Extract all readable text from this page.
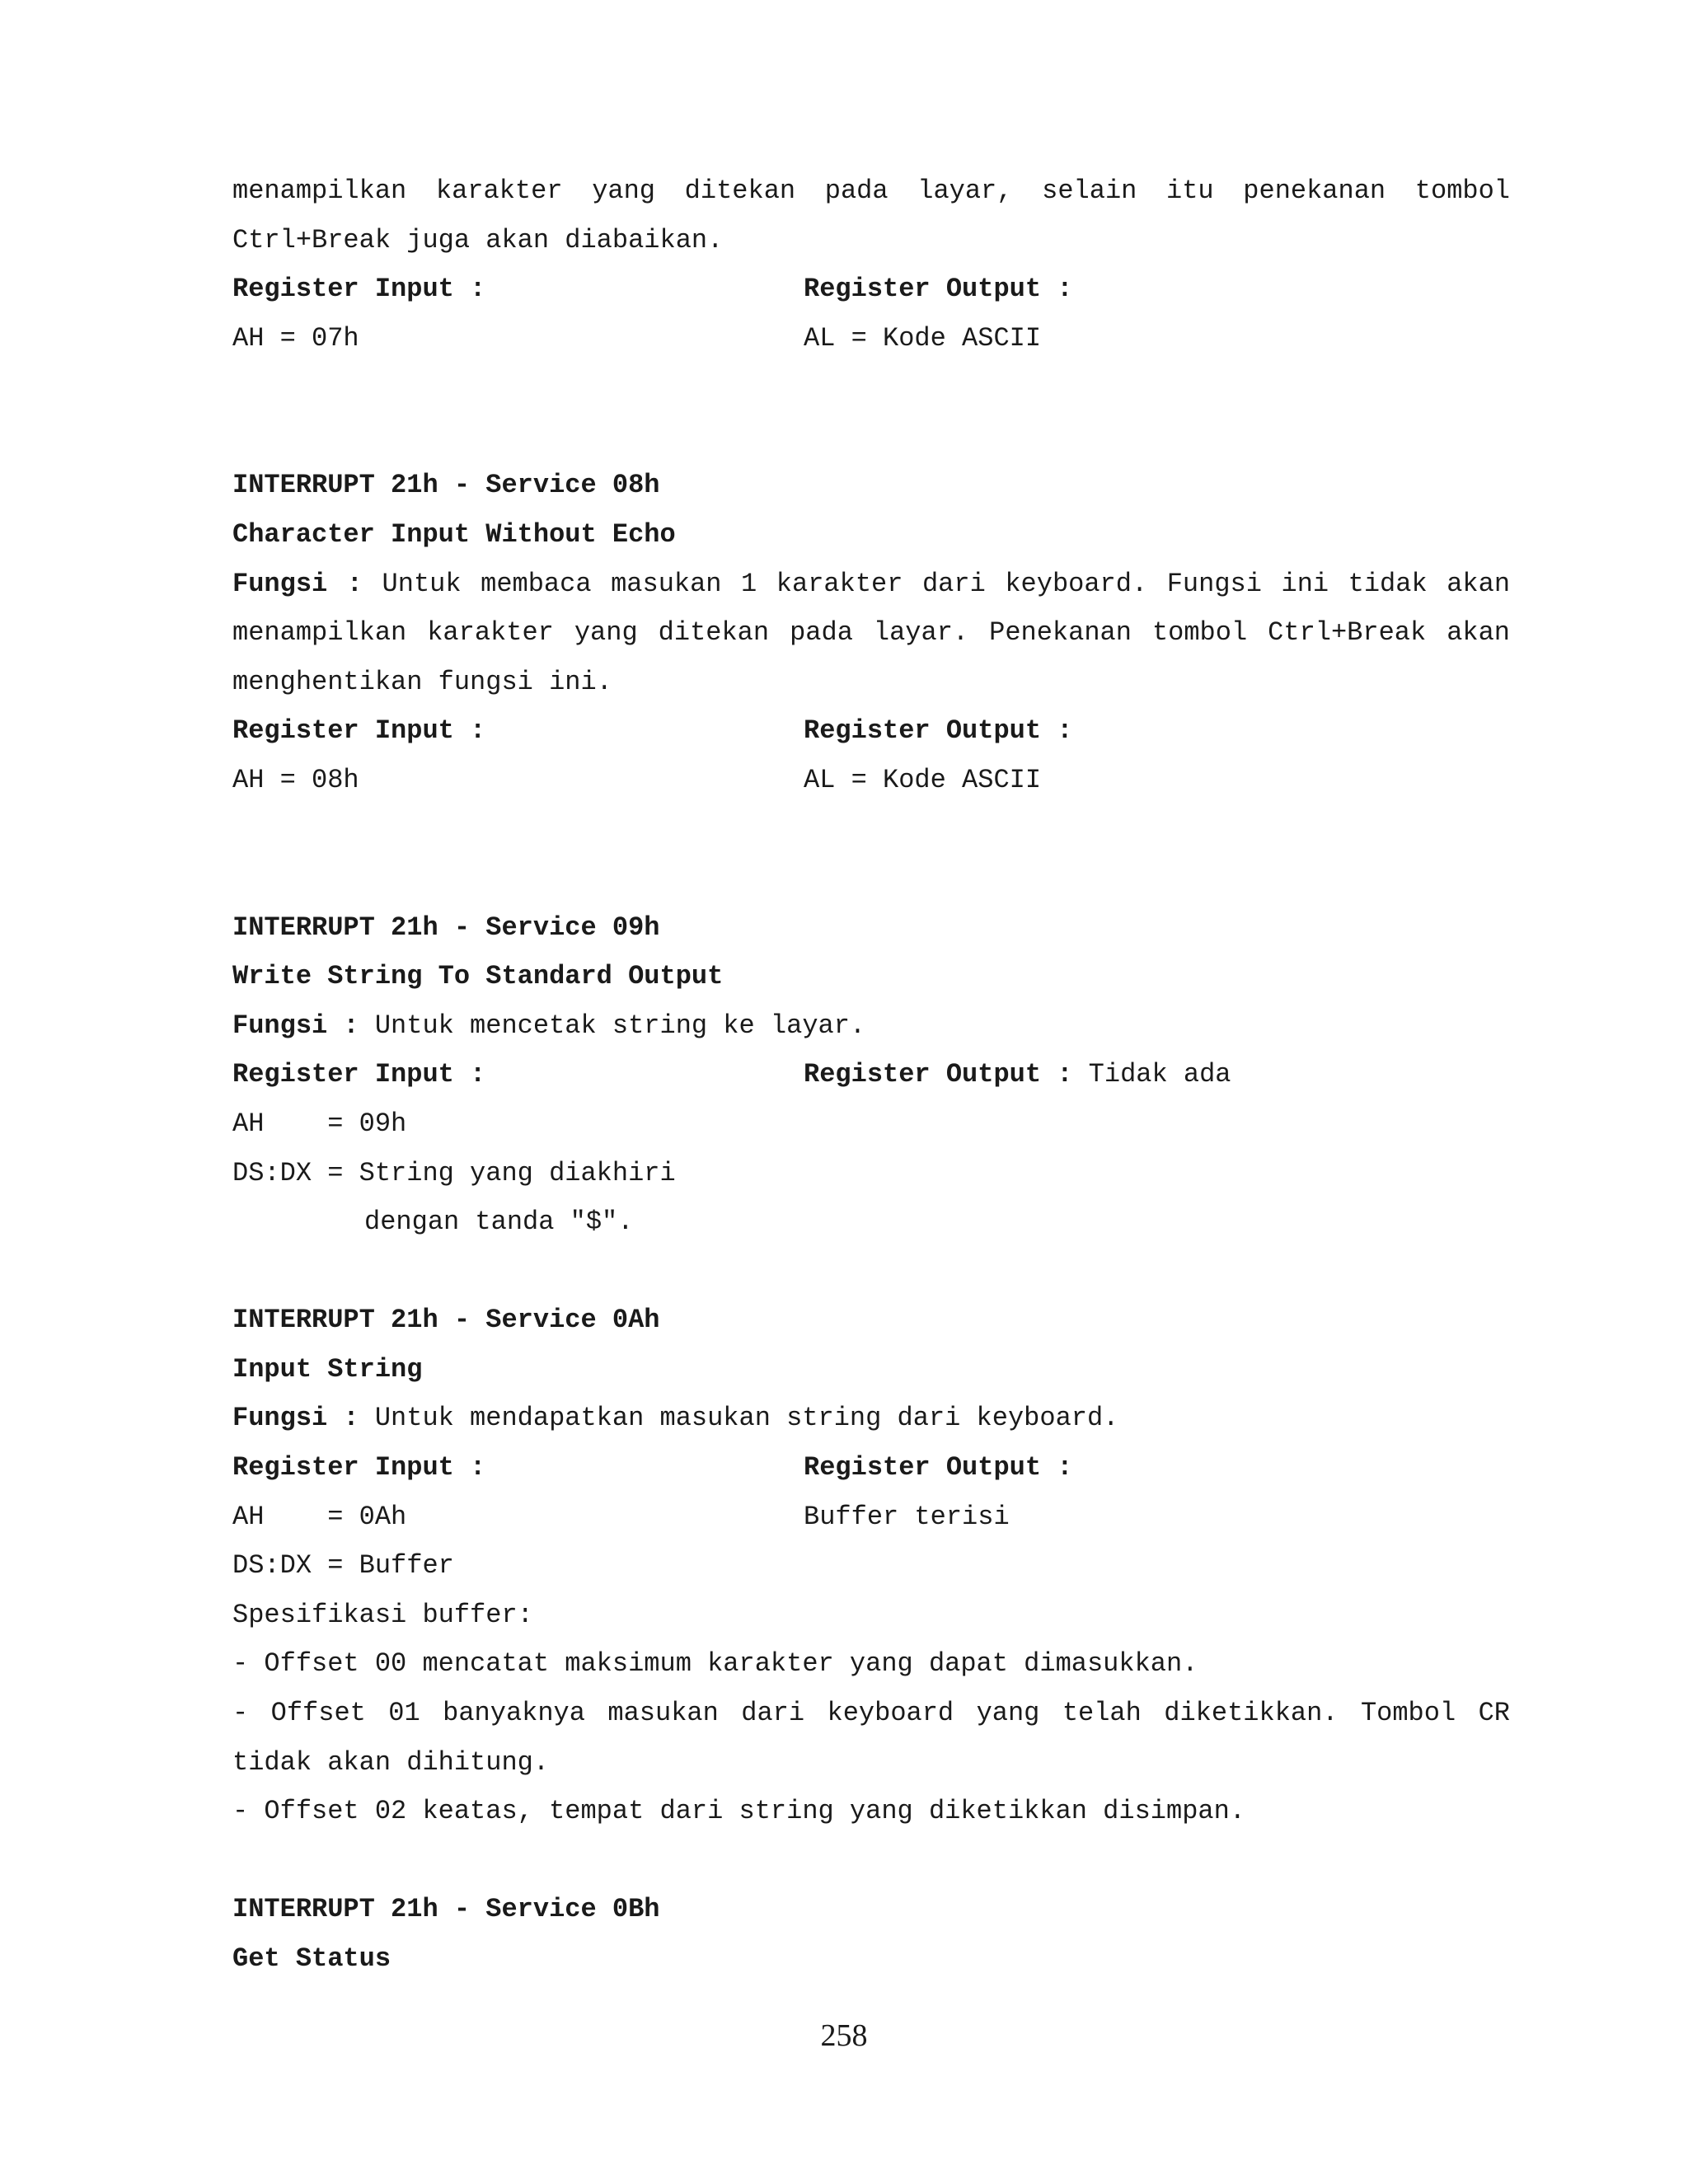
menampilkan karakter yang ditekan pada layar, selain itu penekanan tombol
Ctrl+Break juga akan diabaikan.
Register Input :	Register Output :
AH = 07h	AL = Kode ASCII
INTERRUPT 21h - Service 08h
Character Input Without Echo
Fungsi : Untuk membaca masukan 1 karakter dari keyboard. Fungsi ini tidak akan
menampilkan karakter yang ditekan pada layar. Penekanan tombol Ctrl+Break akan
menghentikan fungsi ini.
Register Input :	Register Output :
AH = 08h	AL = Kode ASCII
INTERRUPT 21h - Service 09h
Write String To Standard Output
Fungsi : Untuk mencetak string ke layar.
Register Input :	Register Output : Tidak ada
AH    = 09h
DS:DX = String yang diakhiri
dengan tanda "$".
INTERRUPT 21h - Service 0Ah
Input String
Fungsi : Untuk mendapatkan masukan string dari keyboard.
Register Input :	Register Output :
AH    = 0Ah	Buffer terisi
DS:DX = Buffer
Spesifikasi buffer:
- Offset 00 mencatat maksimum karakter yang dapat dimasukkan.
- Offset 01 banyaknya masukan dari keyboard yang telah diketikkan. Tombol CR
tidak akan dihitung.
- Offset 02 keatas, tempat dari string yang diketikkan disimpan.
INTERRUPT 21h - Service 0Bh
Get Status
258
